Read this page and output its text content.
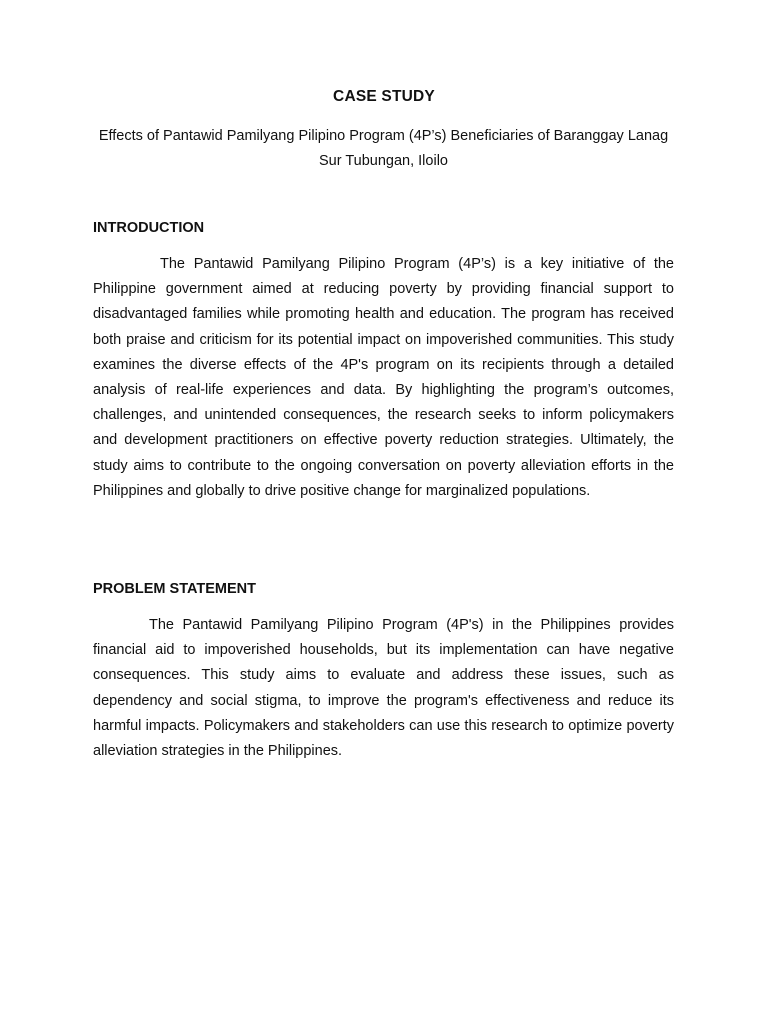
CASE STUDY

Effects of Pantawid Pamilyang Pilipino Program (4P’s) Beneficiaries of Baranggay Lanag Sur Tubungan, Iloilo

INTRODUCTION

The Pantawid Pamilyang Pilipino Program (4P’s) is a key initiative of the Philippine government aimed at reducing poverty by providing financial support to disadvantaged families while promoting health and education. The program has received both praise and criticism for its potential impact on impoverished communities. This study examines the diverse effects of the 4P's program on its recipients through a detailed analysis of real-life experiences and data. By highlighting the program’s outcomes, challenges, and unintended consequences, the research seeks to inform policymakers and development practitioners on effective poverty reduction strategies. Ultimately, the study aims to contribute to the ongoing conversation on poverty alleviation efforts in the Philippines and globally to drive positive change for marginalized populations.

PROBLEM STATEMENT

The Pantawid Pamilyang Pilipino Program (4P's) in the Philippines provides financial aid to impoverished households, but its implementation can have negative consequences. This study aims to evaluate and address these issues, such as dependency and social stigma, to improve the program's effectiveness and reduce its harmful impacts. Policymakers and stakeholders can use this research to optimize poverty alleviation strategies in the Philippines.
